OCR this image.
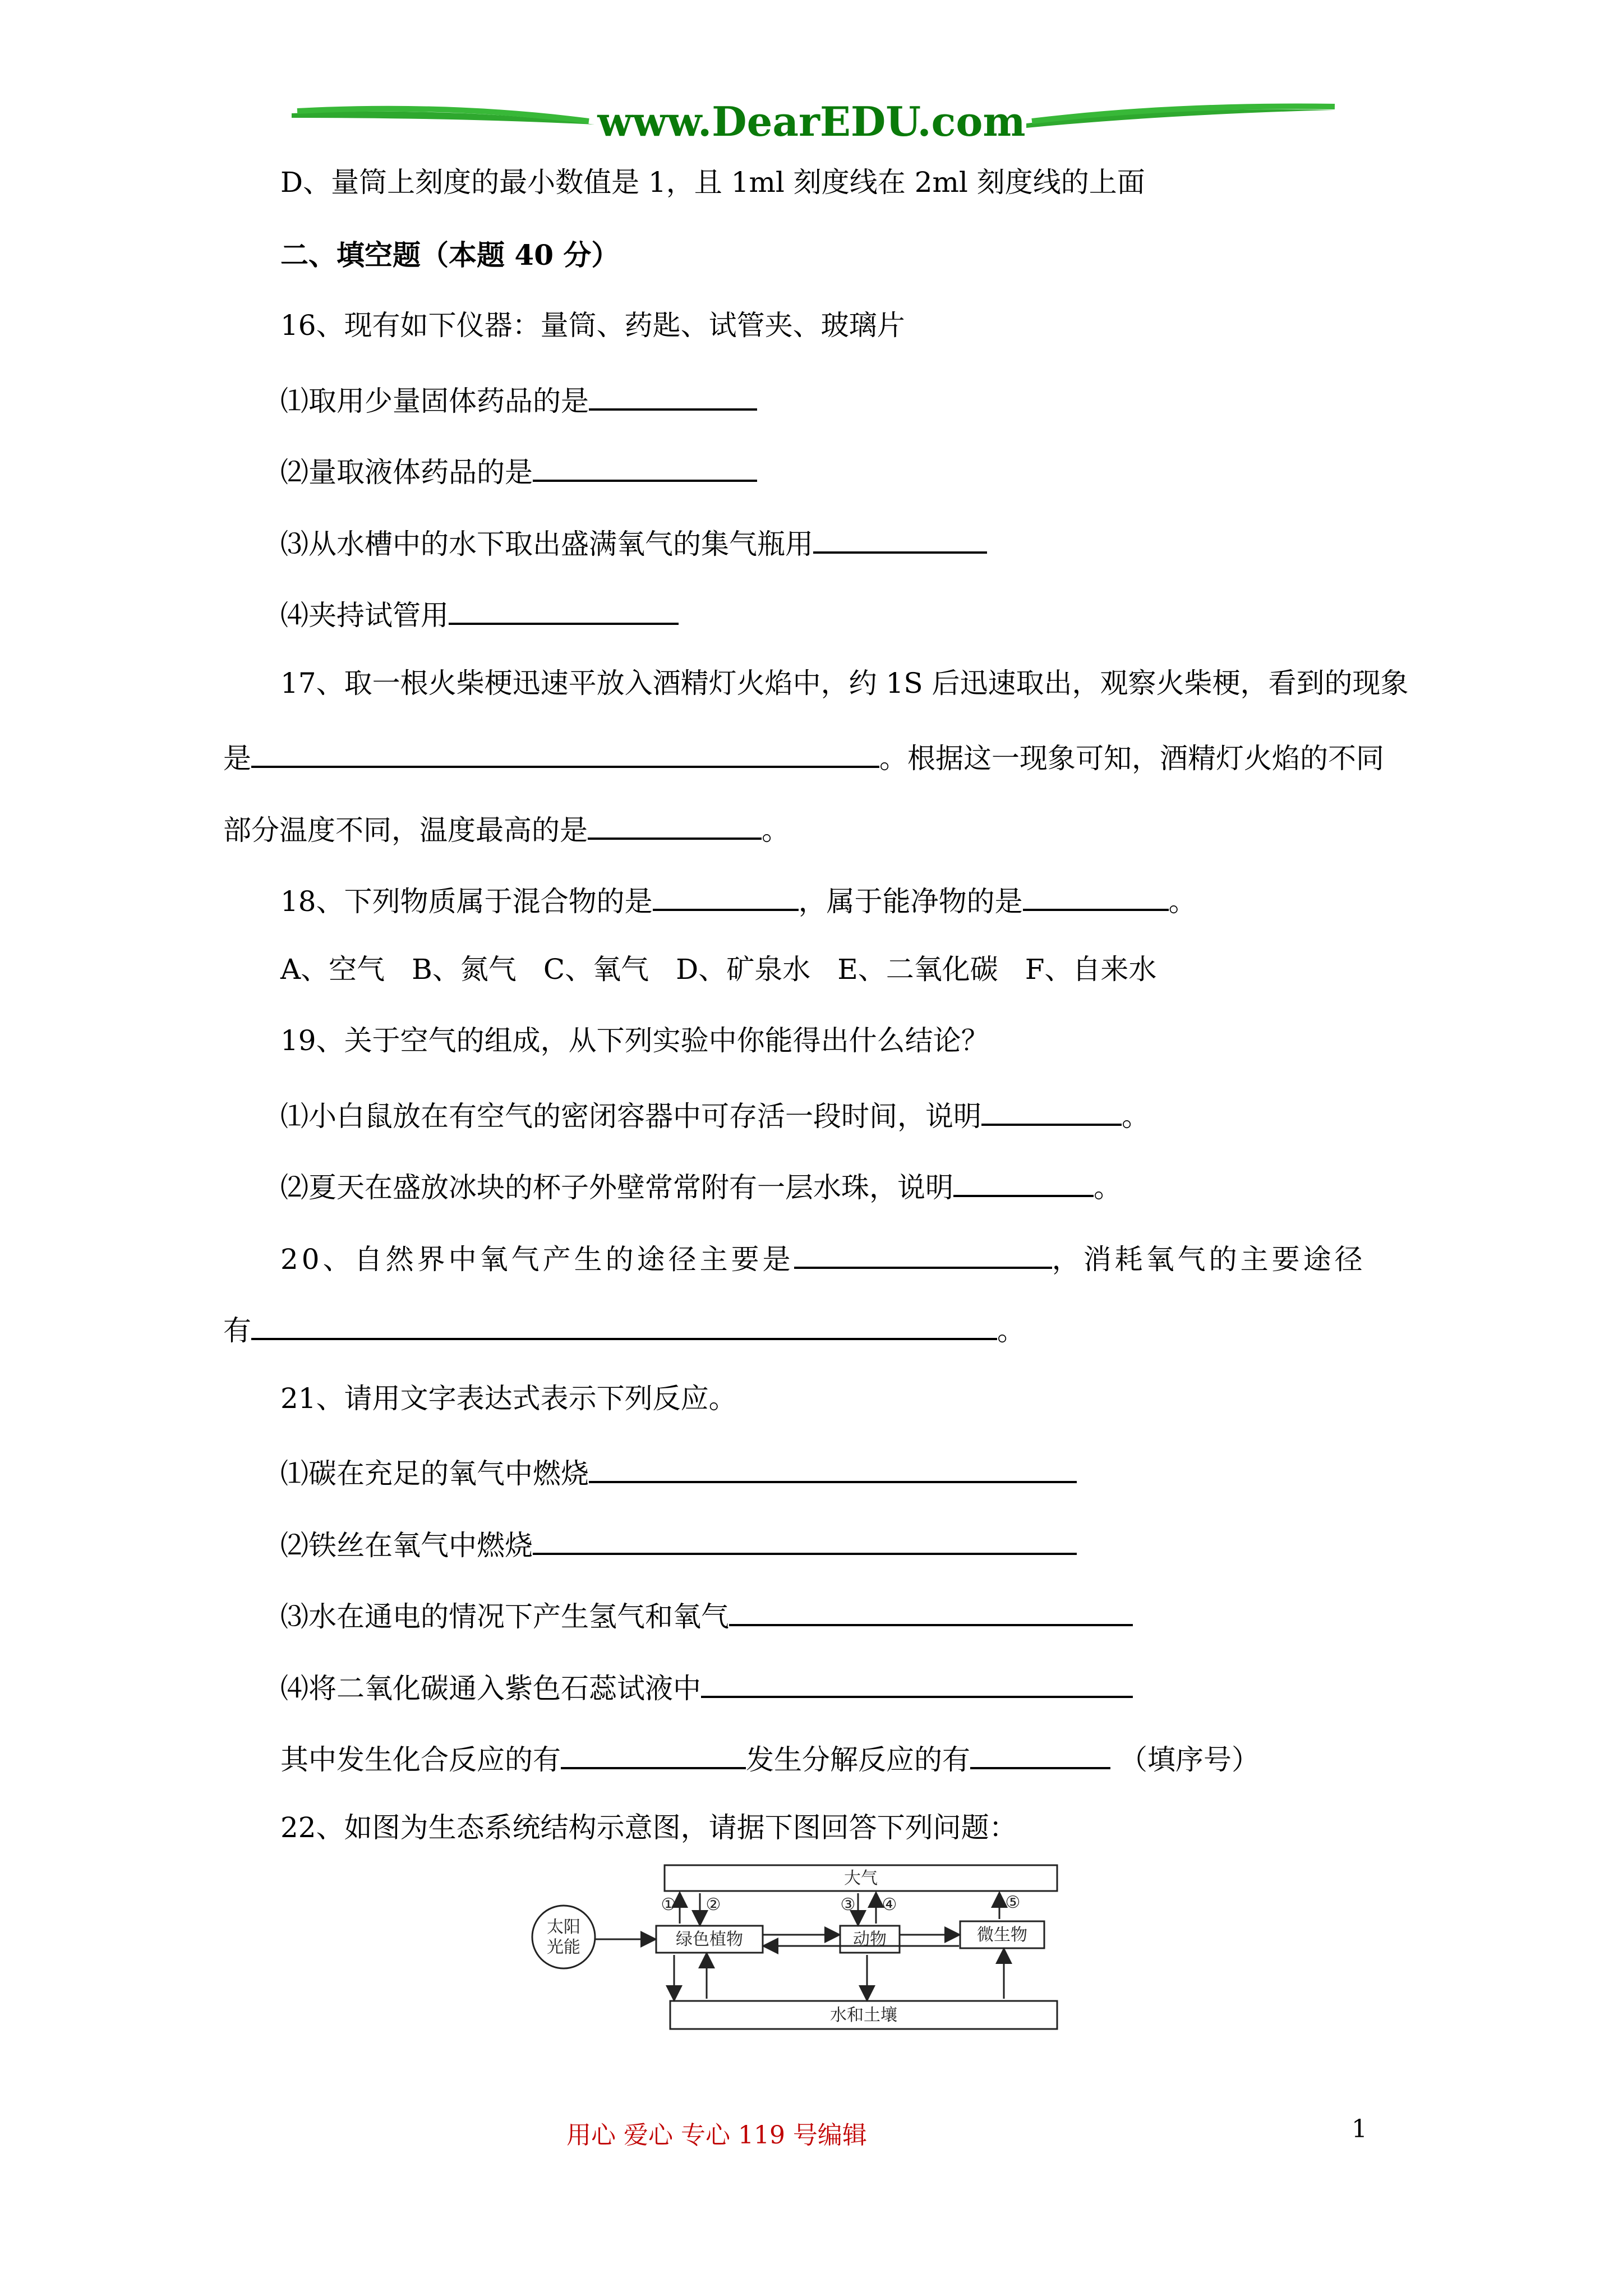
www.DearEDU.com
D、量筒上刻度的最小数值是 1，且 1ml 刻度线在 2ml 刻度线的上面
二、填空题（本题 40 分）
16、现有如下仪器：量筒、药匙、试管夹、玻璃片
⑴取用少量固体药品的是
⑵量取液体药品的是
⑶从水槽中的水下取出盛满氧气的集气瓶用
⑷夹持试管用
17、取一根火柴梗迅速平放入酒精灯火焰中，约 1S 后迅速取出，观察火柴梗，看到的现象
是	。根据这一现象可知，酒精灯火焰的不同
部分温度不同，温度最高的是	。
18、下列物质属于混合物的是	，属于能净物的是	。
A、空气 B、氮气 C、氧气 D、矿泉水 E、二氧化碳 F、自来水
19、关于空气的组成，从下列实验中你能得出什么结论？
⑴小白鼠放在有空气的密闭容器中可存活一段时间，说明	。
⑵夏天在盛放冰块的杯子外壁常常附有一层水珠，说明	。
20、自然界中氧气产生的途径主要是	，消耗氧气的主要途径
有	。
21、请用文字表达式表示下列反应。
⑴碳在充足的氧气中燃烧
⑵铁丝在氧气中燃烧
⑶水在通电的情况下产生氢气和氧气
⑷将二氧化碳通入紫色石蕊试液中
其中发生化合反应的有	发生分解反应的有	（填序号）
22、如图为生态系统结构示意图，请据下图回答下列问题：
大气
水和土壤
太阳
光能	绿色植物	动物	微生物
① ②	③ ④	⑤
用心 爱心 专心 119 号编辑	1
